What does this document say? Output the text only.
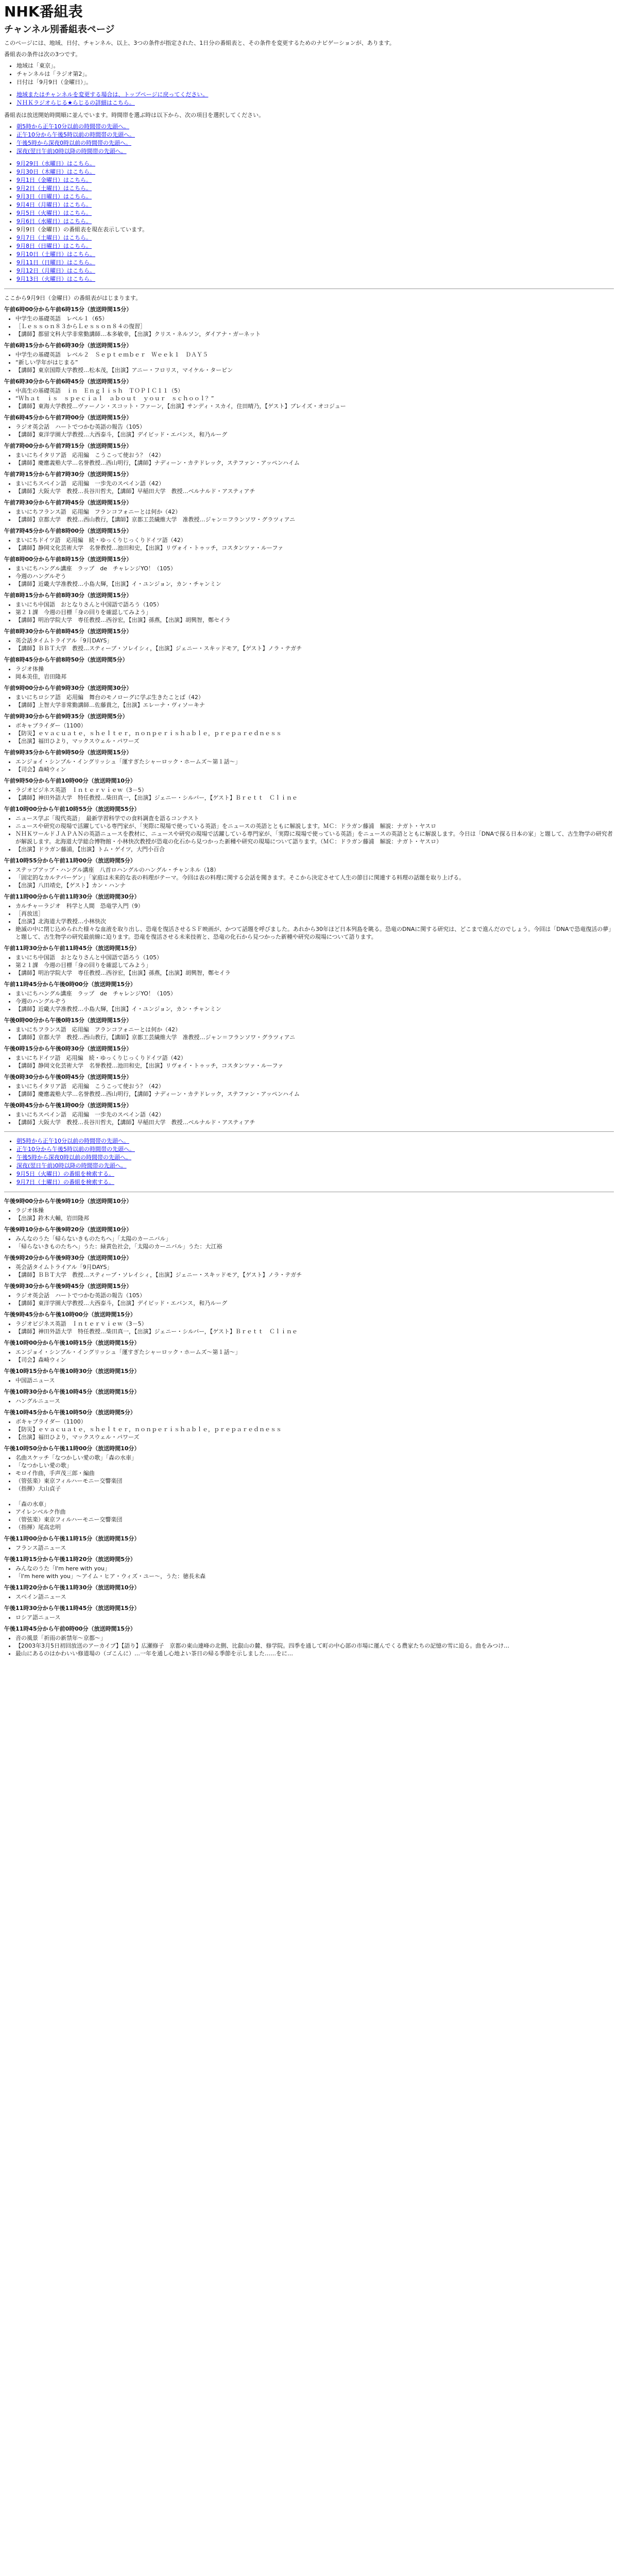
NHK番組表
チャンネル別番組表ページ

このページには、地域、日付、チャンネル、以上、3つの条件が指定された、1日分の番組表と、その条件を変更するためのナビゲーションが、あります。

番組表の条件は次の3つです。

• 地域は「東京」。
• チャンネルは「ラジオ第2」。
• 日付は「9月9日（金曜日）」。
• 地域またはチャンネルを変更する場合は、トップページに戻ってください。
• ＮＨＫラジオらじる★らじるの詳細はこちら。

番組表は放送開始時間順に並んでいます。時間帯を選ぶ時は以下から、次の項目を選択してください。

• 朝5時から正午10分以前の時間帯の先頭へ。
• 正午10分から午後5時以前の時間帯の先頭へ。
• 午後5時から深夜0時以前の時間帯の先頭へ。
• 深夜(翌日午前)0時以降の時間帯の先頭へ。
• 9月29日（水曜日）はこちら。
• 9月30日（木曜日）はこちら。
• 9月1日（金曜日）はこちら。
• 9月2日（土曜日）はこちら。
• 9月3日（日曜日）はこちら。
• 9月4日（月曜日）はこちら。
• 9月5日（火曜日）はこちら。
• 9月6日（水曜日）はこちら。
• 9月9日（金曜日）の番組表を現在表示しています。
• 9月7日（土曜日）はこちら。
• 9月8日（日曜日）はこちら。
• 9月10日（土曜日）はこちら。
• 9月11日（日曜日）はこちら。
• 9月12日（月曜日）はこちら。
• 9月13日（火曜日）はこちら。

ここから9月9日（金曜日）の番組表がはじまります。

午前6時00分から午前6時15分（放送時間15分）
• 中学生の基礎英語　レベル１（65）
• ［Ｌｅｓｓｏｎ８３からＬｅｓｓｏｎ８４の復習］
• 【講師】都留文科大学非常勤講師…本多敏幸，【出演】クリス・ネルソン，ダイアナ・ガーネット
午前6時15分から午前6時30分（放送時間15分）
• 中学生の基礎英語　レベル２　Ｓｅｐｔｅｍｂｅｒ　Ｗｅｅｋ１　ＤＡＹ５
• “新しい学年がはじまる”
• 【講師】東京国際大学教授…松本茂，【出演】アニー・フロリス，マイケル・ターピン
午前6時30分から午前6時45分（放送時間15分）
• 中高生の基礎英語　ｉｎ　Ｅｎｇｌｉｓｈ　ＴＯＰＩＣ１１（5）
• “Ｗｈａｔ　ｉｓ　ｓｐｅｃｉａｌ　ａｂｏｕｔ　ｙｏｕｒ　ｓｃｈｏｏｌ？”
• 【講師】東海大学教授…ヴァーノン・スコット・ファーン，【出演】サンディ・スカイ，住田晴乃，【ゲスト】ブレイズ・オコジュー
午前6時45分から午前7時00分（放送時間15分）
• ラジオ英会話　ハートでつかむ英語の報告（105）
• 【講師】東洋学園大学教授…大西泰斗，【出演】デイビッド・エバンス，和乃ルーグ
午前7時00分から午前7時15分（放送時間15分）
• まいにちイタリア語　応用編　こうこって使おう？（42）
• 【講師】慶應義塾大学…名誉教授…西山明行，【講師】ナディーン・カテドレック，ステファン・アッペンハイム
午前7時15分から午前7時30分（放送時間15分）
• まいにちスペイン語　応用編　一歩先のスペイン語（42）
• 【講師】大阪大学　教授…長谷川哲夫，【講師】早稲田大学　教授…ベルナルド・アスティアチ
午前7時30分から午前7時45分（放送時間15分）
• まいにちフランス語　応用編　フランコフォニーとは何か（42）
• 【講師】京都大学　教授…西山教行，【講師】京都工芸繊維大学　准教授…ジャン＝フランソワ・グラツィアニ
午前7時45分から午前8時00分（放送時間15分）
• まいにちドイツ語　応用編　続・ゆっくりじっくりドイツ語（42）
• 【講師】静岡文化芸術大学　名誉教授…池田和史，【出演】リヴォイ・トゥッチ，コスタンツァ・ルーファ
午前8時00分から午前8時15分（放送時間15分）
• まいにちハングル講座　ラップ　de　チャレンジYO！（105）
• 今週のハングルぞう
• 【講師】近畿大学准教授…小島大輝，【出演】イ・ユンジョン，カン・チャンミン
午前8時15分から午前8時30分（放送時間15分）
• まいにち中国語　おとなりさんと中国語で語ろう（105）
• 第２１課　今週の目標「身の回りを確認してみよう」
• 【講師】明治学院大学　専任教授…西谷宏，【出演】孫燕，【出演】胡興智，鄭セイラ
午前8時30分から午前8時45分（放送時間15分）
• 英会話タイムトライアル「9月DAYS」
• 【講師】ＢＢＴ大学　教授…スティーブ・ソレイシィ，【出演】ジェニー・スキッドモア，【ゲスト】ノラ・テガチ
午前8時45分から午前8時50分（放送時間5分）
• ラジオ体操
• 岡本美佳，岩田隆邦
午前9時00分から午前9時30分（放送時間30分）
• まいにちロシア語　応用編　舞台のモノローグに学ぶ生きたことば（42）
• 【講師】上智大学非常勤講師…佐藤貴之，【出演】エレーナ・ヴィソーキナ
午前9時30分から午前9時35分（放送時間5分）
• ボキャブライダー（1100）
• 【防災】ｅｖａｃｕａｔｅ，ｓｈｅｌｔｅｒ，ｎｏｎｐｅｒｉｓｈａｂｌｅ，ｐｒｅｐａｒｅｄｎｅｓｓ
• 【出演】福田ひより，マックスウェル・パワーズ
午前9時35分から午前9時50分（放送時間15分）
• エンジョイ・シンプル・イングリッシュ「運すぎたシャーロック・ホームズ〜第１話〜」
• 【司会】森崎ウィン
午前9時50分から午前10時00分（放送時間10分）
• ラジオビジネス英語　Ｉｎｔｅｒｖｉｅｗ（3－5）
• 【講師】神田外語大学　特任教授…柴田真一，【出演】ジェニー・シルバー，【ゲスト】Ｂｒｅｔｔ　Ｃｌｉｎｅ
午前10時00分から午前10時55分（放送時間55分）
• ニュース学ぶ「現代英語」　最新学習科学での食料調査を語るコンテスト
• ニュースや研究の現場で活躍している専門家が、「実際に現場で使っている英語」をニュースの英語とともに解説します。ＭＣ：ドラガン藤浦　解説：ナガト・ヤスロ
• ＮＨＫワールドＪＡＰＡＮの英語ニュースを教材に、ニュースや研究の現場で活躍している専門家が、「実際に現場で使っている英語」をニュースの英語とともに解説します。今日は「DNAで探る日本の家」と題して、古生物学の研究者が解説します。北海道大学総合博物館・小林快次教授が恐竜の化石から見つかった新種や研究の現場について語ります。（ＭＣ：ドラガン藤浦　解説：ナガト・ヤスロ）
• 【出演】ドラガン藤浦，【出演】トム・ゲイツ，大門小百合
午前10時55分から午前11時00分（放送時間5分）
• ステップアップ・ハングル講座　八首ロハングルのハングル・チャンネル（18）
• 「固定的なカルテバーゲン」「家庭は未来的な表の料理がテーマ。今回は表の料理に関する会話を聞きます。そこから決定させて人生の節目に関連する料理の話題を取り上げる。
• 【出演】八田靖史，【ゲスト】カン・ハンナ
午前11時00分から午前11時30分（放送時間30分）
• カルチャーラジオ　科学と人間　恐竜学入門（9）
• ［再放送］
• 【出演】北海道大学教授…小林快次
• 絶滅の中に閉じ込められた様々な血液を取り出し、恐竜を復活させるＳＦ映画が、かつて話題を呼びました。あれから30年ほど日本列島を眺る。恐竜のDNAに関する研究は、どこまで進んだのでしょう。今回は「DNAで恐竜復活の夢」と題して、古生物学の研究最前線に迫ります。恐竜を復活させる未来技術と、恐竜の化石から見つかった新種や研究の現場について語ります。
午前11時30分から午前11時45分（放送時間15分）
• まいにち中国語　おとなりさんと中国語で語ろう（105）
• 第２１課　今週の目標「身の回りを確認してみよう」
• 【講師】明治学院大学　専任教授…西谷宏，【出演】孫燕，【出演】胡興智，鄭セイラ
午前11時45分から午後0時00分（放送時間15分）
• まいにちハングル講座　ラップ　de　チャレンジYO！（105）
• 今週のハングルぞう
• 【講師】近畿大学准教授…小島大輝，【出演】イ・ユンジョン，カン・チャンミン
午後0時00分から午後0時15分（放送時間15分）
• まいにちフランス語　応用編　フランコフォニーとは何か（42）
• 【講師】京都大学　教授…西山教行，【講師】京都工芸繊維大学　准教授…ジャン＝フランソワ・グラツィアニ
午後0時15分から午後0時30分（放送時間15分）
• まいにちドイツ語　応用編　続・ゆっくりじっくりドイツ語（42）
• 【講師】静岡文化芸術大学　名誉教授…池田和史，【出演】リヴォイ・トゥッチ，コスタンツァ・ルーファ
午後0時30分から午後0時45分（放送時間15分）
• まいにちイタリア語　応用編　こうこって使おう？（42）
• 【講師】慶應義塾大学…名誉教授…西山明行，【講師】ナディーン・カテドレック，ステファン・アッペンハイム
午後0時45分から午後1時00分（放送時間15分）
• まいにちスペイン語　応用編　一歩先のスペイン語（42）
• 【講師】大阪大学　教授…長谷川哲夫，【講師】早稲田大学　教授…ベルナルド・アスティアチ
• 朝5時から正午10分以前の時間帯の先頭へ。
• 正午10分から午後5時以前の時間帯の先頭へ。
• 午後5時から深夜0時以前の時間帯の先頭へ。
• 深夜(翌日午前)0時以降の時間帯の先頭へ。
• 9月5日（火曜日）の番組を検索する。
• 9月7日（土曜日）の番組を検索する。
午後9時00分から午後9時10分（放送時間10分）
• ラジオ体操
• 【出演】鈴木大輔，岩田隆邦
午後9時10分から午後9時20分（放送時間10分）
• みんなのうた「帰らないきものたちへ」「太陽のカーニバル」
• 「帰らないきものたちへ」うた：緑黄色社会，「太陽のカーニバル」うた：大江裕
午後9時20分から午後9時30分（放送時間10分）
• 英会話タイムトライアル「9月DAYS」
• 【講師】ＢＢＴ大学　教授…スティーブ・ソレイシィ，【出演】ジェニー・スキッドモア，【ゲスト】ノラ・テガチ
午後9時30分から午後9時45分（放送時間15分）
• ラジオ英会話　ハートでつかむ英語の報告（105）
• 【講師】東洋学園大学教授…大西泰斗，【出演】デイビッド・エバンス，和乃ルーグ
午後9時45分から午後10時00分（放送時間15分）
• ラジオビジネス英語　Ｉｎｔｅｒｖｉｅｗ（3－5）
• 【講師】神田外語大学　特任教授…柴田真一，【出演】ジェニー・シルバー，【ゲスト】Ｂｒｅｔｔ　Ｃｌｉｎｅ
午後10時00分から午後10時15分（放送時間15分）
• エンジョイ・シンプル・イングリッシュ「運すぎたシャーロック・ホームズ〜第１話〜」
• 【司会】森崎ウィン
午後10時15分から午後10時30分（放送時間15分）
• 中国語ニュース
午後10時30分から午後10時45分（放送時間15分）
• ハングルニュース
午後10時45分から午後10時50分（放送時間5分）
• ボキャブライダー（1100）
• 【防災】ｅｖａｃｕａｔｅ，ｓｈｅｌｔｅｒ，ｎｏｎｐｅｒｉｓｈａｂｌｅ，ｐｒｅｐａｒｅｄｎｅｓｓ
• 【出演】福田ひより，マックスウェル・パワーズ
午後10時50分から午後11時00分（放送時間10分）
• 名曲スケッチ「なつかしい愛の歌」「森の水車」
• 「なつかしい愛の歌」
• モロイ作曲，手声茂三郎・編曲
• （管弦楽）東京フィルハーモニー交響楽団
• （指揮）大山貞子

• 「森の水車」
• アイレンベルク作曲
• （管弦楽）東京フィルハーモニー交響楽団
• （指揮）尾高忠明
午後11時00分から午後11時15分（放送時間15分）
• フランス語ニュース
午後11時15分から午後11時20分（放送時間5分）
• みんなのうた「I'm here with you」
• 「I'm here with you」～アイム・ヒア・ウィズ・ユー～，うた：徳長未森
午後11時20分から午後11時30分（放送時間10分）
• スペイン語ニュース
午後11時30分から午後11時45分（放送時間15分）
• ロシア語ニュース
午後11時45分から午前0時00分（放送時間15分）
• 音の風景「祈雨の新禁年～京都～」
• 【2003年3月5日初回放送のアーカイブ】【語り】広瀬修子　京都の東山連峰の北側、比叡山の麓、修学院。四季を通して町の中心部の市場に運んでくる農家たちの記憶の雪に迫る。曲をみつけ…
• 最山にあるのはかわいい修道場の（ゴこんに）…一年を通し心地よい茶日の帰る季節を示しました……をに…
